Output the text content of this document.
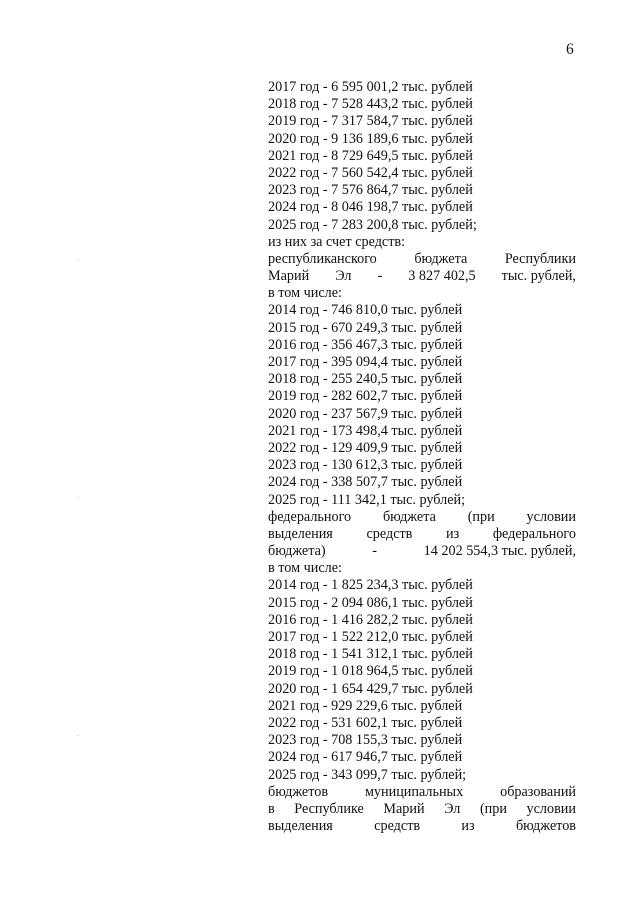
6
2017 год - 6 595 001,2 тыс. рублей
2018 год - 7 528 443,2 тыс. рублей
2019 год - 7 317 584,7 тыс. рублей
2020 год - 9 136 189,6 тыс. рублей
2021 год - 8 729 649,5 тыс. рублей
2022 год - 7 560 542,4 тыс. рублей
2023 год - 7 576 864,7 тыс. рублей
2024 год - 8 046 198,7 тыс. рублей
2025 год - 7 283 200,8 тыс. рублей;
из них за счет средств:
республиканского	бюджета	Республики
Марий Эл - 3 827 402,5 тыс. рублей,
в том числе:
2014 год - 746 810,0 тыс. рублей
2015 год - 670 249,3 тыс. рублей
2016 год - 356 467,3 тыс. рублей
2017 год - 395 094,4 тыс. рублей
2018 год - 255 240,5 тыс. рублей
2019 год - 282 602,7 тыс. рублей
2020 год - 237 567,9 тыс. рублей
2021 год - 173 498,4 тыс. рублей
2022 год - 129 409,9 тыс. рублей
2023 год - 130 612,3 тыс. рублей
2024 год - 338 507,7 тыс. рублей
2025 год - 111 342,1 тыс. рублей;
федерального бюджета (при условии
выделения средств из федерального
бюджета)	-	14 202 554,3 тыс. рублей,
в том числе:
2014 год - 1 825 234,3 тыс. рублей
2015 год - 2 094 086,1 тыс. рублей
2016 год - 1 416 282,2 тыс. рублей
2017 год - 1 522 212,0 тыс. рублей
2018 год - 1 541 312,1 тыс. рублей
2019 год - 1 018 964,5 тыс. рублей
2020 год - 1 654 429,7 тыс. рублей
2021 год - 929 229,6 тыс. рублей
2022 год - 531 602,1 тыс. рублей
2023 год - 708 155,3 тыс. рублей
2024 год - 617 946,7 тыс. рублей
2025 год - 343 099,7 тыс. рублей;
бюджетов	муниципальных	образований
в Республике Марий Эл (при условии
выделения	средств	из	бюджетов
